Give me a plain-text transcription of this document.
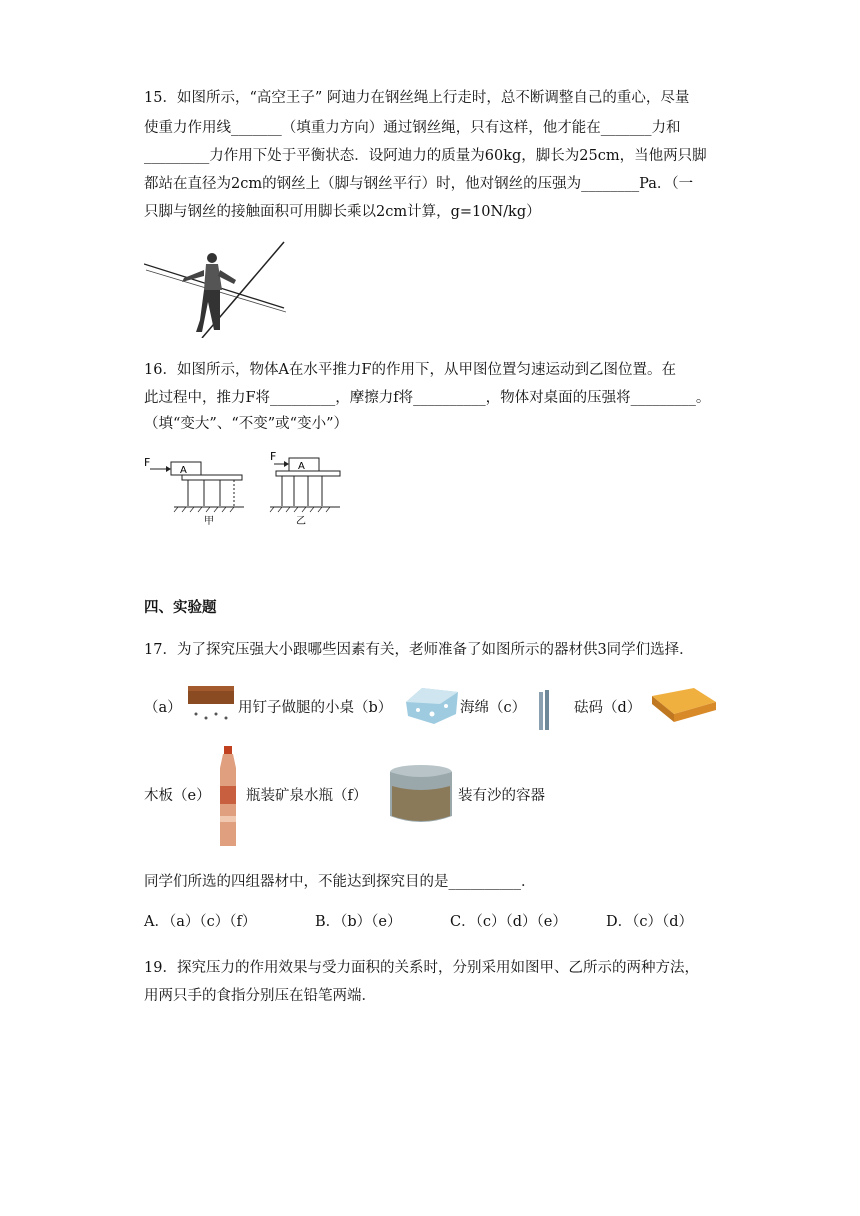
15．如图所示，“高空王子” 阿迪力在钢丝绳上行走时，总不断调整自己的重心，尽量
使重力作用线_______（填重力方向）通过钢丝绳，只有这样，他才能在_______力和
_________力作用下处于平衡状态．设阿迪力的质量为60kg，脚长为25cm，当他两只脚
都站在直径为2cm的钢丝上（脚与钢丝平行）时，他对钢丝的压强为________Pa．（一
只脚与钢丝的接触面积可用脚长乘以2cm计算，g=10N/kg）
16．如图所示，物体A在水平推力F的作用下，从甲图位置匀速运动到乙图位置。在
此过程中，推力F将_________，摩擦力f将__________，物体对桌面的压强将_________。
（填“变大”、“不变”或“变小”）
F
A
甲
F
A
乙
四、实验题
17．为了探究压强大小跟哪些因素有关，老师准备了如图所示的器材供3同学们选择．
（a）	用钉子做腿的小桌（b）	海绵（c）	砝码（d）
木板（e） 瓶装矿泉水瓶（f）	装有沙的容器
同学们所选的四组器材中，不能达到探究目的是__________．
A．（a）（c）（f）	B．（b）（e）	C．（c）（d）（e）	D．（c）（d）
19．探究压力的作用效果与受力面积的关系时，分别采用如图甲、乙所示的两种方法，
用两只手的食指分别压在铅笔两端．
